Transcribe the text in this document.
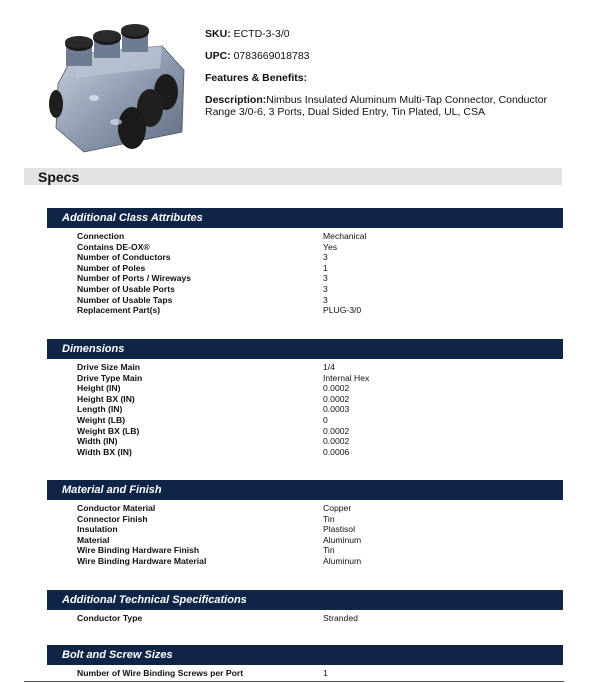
SKU: ECTD-3-3/0
UPC: 0783669018783
Features & Benefits:
Description:Nimbus Insulated Aluminum Multi-Tap Connector, Conductor Range 3/0-6, 3 Ports, Dual Sided Entry, Tin Plated, UL, CSA
Specs
Additional Class Attributes
Connection	Mechanical
Contains DE-OX®	Yes
Number of Conductors	3
Number of Poles	1
Number of Ports / Wireways	3
Number of Usable Ports	3
Number of Usable Taps	3
Replacement Part(s)	PLUG-3/0
Dimensions
Drive Size Main	1/4
Drive Type Main	Internal Hex
Height (IN)	0.0002
Height BX (IN)	0.0002
Length (IN)	0.0003
Weight (LB)	0
Weight BX (LB)	0.0002
Width (IN)	0.0002
Width BX (IN)	0.0006
Material and Finish
Conductor Material	Copper
Connector Finish	Tin
Insulation	Plastisol
Material	Aluminum
Wire Binding Hardware Finish	Tin
Wire Binding Hardware Material	Aluminum
Additional Technical Specifications
Conductor Type	Stranded
Bolt and Screw Sizes
Number of Wire Binding Screws per Port	1
